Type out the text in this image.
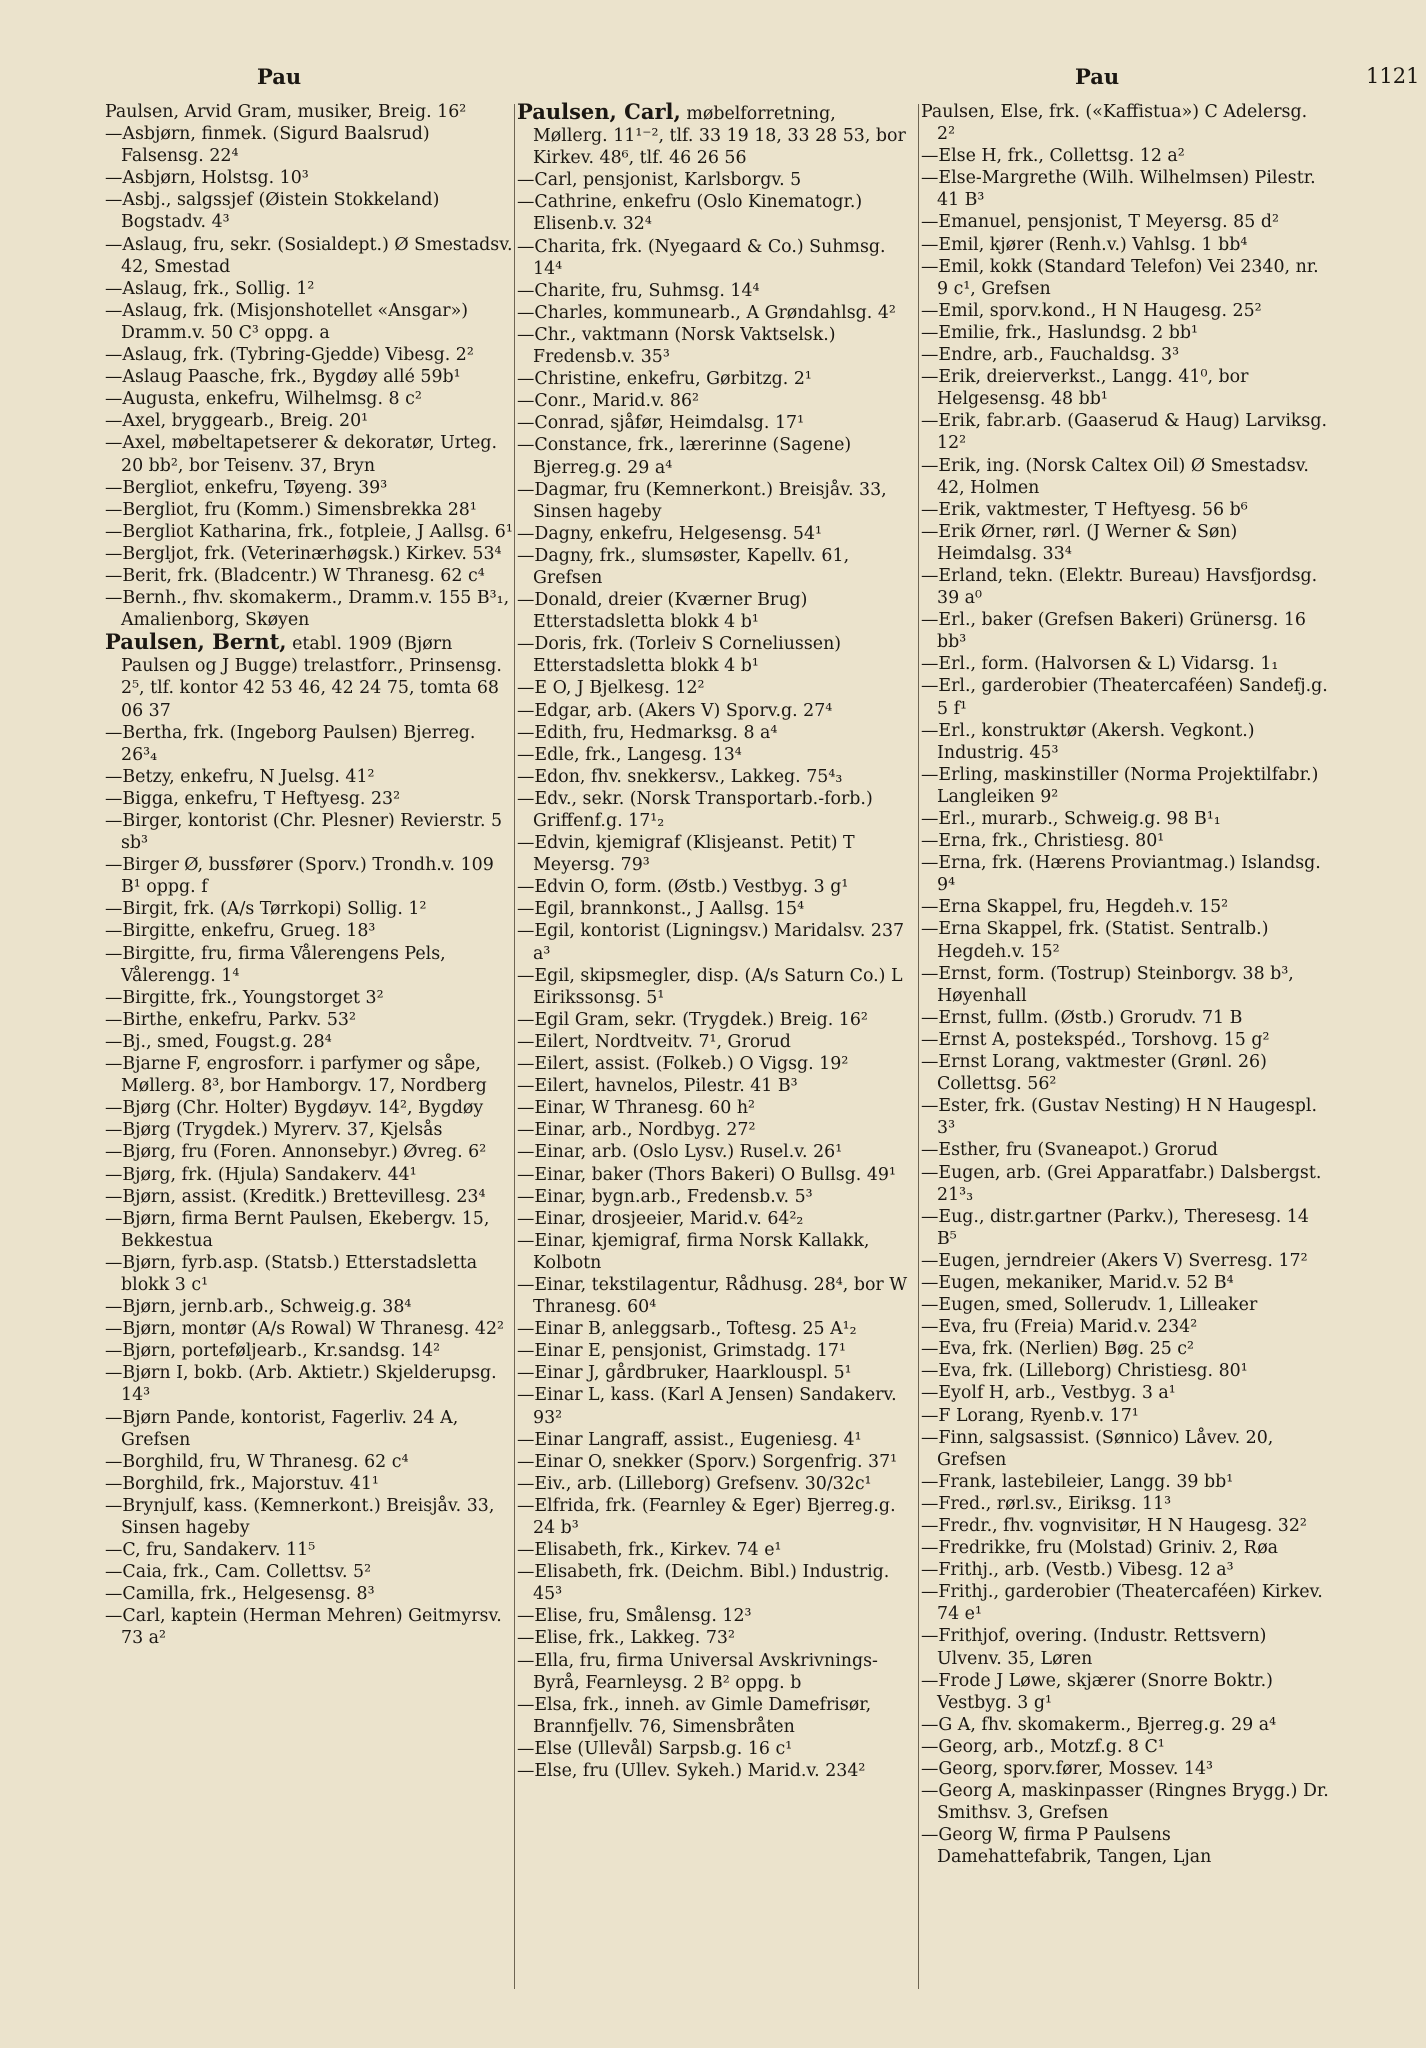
Pau	Pau	1121

Paulsen, Arvid Gram, musiker, Breig. 16²

—Asbjørn, finmek. (Sigurd Baalsrud) Falsensg. 22⁴

—Asbjørn, Holstsg. 10³

—Asbj., salgssjef (Øistein Stokkeland) Bogstadv. 4³

—Aslaug, fru, sekr. (Sosialdept.) Ø Smestadsv. 42, Smestad

—Aslaug, frk., Sollig. 1²

—Aslaug, frk. (Misjonshotellet «Ansgar») Dramm.v. 50 C³ oppg. a

—Aslaug, frk. (Tybring-Gjedde) Vibesg. 2²

—Aslaug Paasche, frk., Bygdøy allé 59b¹

—Augusta, enkefru, Wilhelmsg. 8 c²

—Axel, bryggearb., Breig. 20¹

—Axel, møbeltapetserer & dekoratør, Urteg. 20 bb², bor Teisenv. 37, Bryn

—Bergliot, enkefru, Tøyeng. 39³

—Bergliot, fru (Komm.) Simensbrekka 28¹

—Bergliot Katharina, frk., fotpleie, J Aallsg. 6¹

—Bergljot, frk. (Veterinærhøgsk.) Kirkev. 53⁴

—Berit, frk. (Bladcentr.) W Thranesg. 62 c⁴

—Bernh., fhv. skomakerm., Dramm.v. 155 B³₁, Amalienborg, Skøyen

Paulsen, Bernt, etabl. 1909 (Bjørn Paulsen og J Bugge) trelastforr., Prinsensg. 2⁵, tlf. kontor 42 53 46, 42 24 75, tomta 68 06 37

—Bertha, frk. (Ingeborg Paulsen) Bjerreg. 26³₄

—Betzy, enkefru, N Juelsg. 41²

—Bigga, enkefru, T Heftyesg. 23²

—Birger, kontorist (Chr. Plesner) Revierstr. 5 sb³

—Birger Ø, bussfører (Sporv.) Trondh.v. 109 B¹ oppg. f

—Birgit, frk. (A/s Tørrkopi) Sollig. 1²

—Birgitte, enkefru, Grueg. 18³

—Birgitte, fru, firma Vålerengens Pels, Vålerengg. 1⁴

—Birgitte, frk., Youngstorget 3²

—Birthe, enkefru, Parkv. 53²

—Bj., smed, Fougst.g. 28⁴

—Bjarne F, engrosforr. i parfymer og såpe, Møllerg. 8³, bor Hamborgv. 17, Nordberg

—Bjørg (Chr. Holter) Bygdøyv. 14², Bygdøy

—Bjørg (Trygdek.) Myrerv. 37, Kjelsås

—Bjørg, fru (Foren. Annonsebyr.) Øvreg. 6²

—Bjørg, frk. (Hjula) Sandakerv. 44¹

—Bjørn, assist. (Kreditk.) Brettevillesg. 23⁴

—Bjørn, firma Bernt Paulsen, Ekebergv. 15, Bekkestua

—Bjørn, fyrb.asp. (Statsb.) Etterstadsletta blokk 3 c¹

—Bjørn, jernb.arb., Schweig.g. 38⁴

—Bjørn, montør (A/s Rowal) W Thranesg. 42²

—Bjørn, porteføljearb., Kr.sandsg. 14²

—Bjørn I, bokb. (Arb. Aktietr.) Skjelderupsg. 14³

—Bjørn Pande, kontorist, Fagerliv. 24 A, Grefsen

—Borghild, fru, W Thranesg. 62 c⁴

—Borghild, frk., Majorstuv. 41¹

—Brynjulf, kass. (Kemnerkont.) Breisjåv. 33, Sinsen hageby

—C, fru, Sandakerv. 11⁵

—Caia, frk., Cam. Collettsv. 5²

—Camilla, frk., Helgesensg. 8³

—Carl, kaptein (Herman Mehren) Geitmyrsv. 73 a²

Paulsen, Carl, møbelforretning, Møllerg. 11¹⁻², tlf. 33 19 18, 33 28 53, bor Kirkev. 48⁶, tlf. 46 26 56

—Carl, pensjonist, Karlsborgv. 5

—Cathrine, enkefru (Oslo Kinematogr.) Elisenb.v. 32⁴

—Charita, frk. (Nyegaard & Co.) Suhmsg. 14⁴

—Charite, fru, Suhmsg. 14⁴

—Charles, kommunearb., A Grøndahlsg. 4²

—Chr., vaktmann (Norsk Vaktselsk.) Fredensb.v. 35³

—Christine, enkefru, Gørbitzg. 2¹

—Conr., Marid.v. 86²

—Conrad, sjåfør, Heimdalsg. 17¹

—Constance, frk., lærerinne (Sagene) Bjerreg.g. 29 a⁴

—Dagmar, fru (Kemnerkont.) Breisjåv. 33, Sinsen hageby

—Dagny, enkefru, Helgesensg. 54¹

—Dagny, frk., slumsøster, Kapellv. 61, Grefsen

—Donald, dreier (Kværner Brug) Etterstadsletta blokk 4 b¹

—Doris, frk. (Torleiv S Corneliussen) Etterstadsletta blokk 4 b¹

—E O, J Bjelkesg. 12²

—Edgar, arb. (Akers V) Sporv.g. 27⁴

—Edith, fru, Hedmarksg. 8 a⁴

—Edle, frk., Langesg. 13⁴

—Edon, fhv. snekkersv., Lakkeg. 75⁴₃

—Edv., sekr. (Norsk Transportarb.-forb.) Griffenf.g. 17¹₂

—Edvin, kjemigraf (Klisjeanst. Petit) T Meyersg. 79³

—Edvin O, form. (Østb.) Vestbyg. 3 g¹

—Egil, brannkonst., J Aallsg. 15⁴

—Egil, kontorist (Ligningsv.) Maridalsv. 237 a³

—Egil, skipsmegler, disp. (A/s Saturn Co.) L Eirikssonsg. 5¹

—Egil Gram, sekr. (Trygdek.) Breig. 16²

—Eilert, Nordtveitv. 7¹, Grorud

—Eilert, assist. (Folkeb.) O Vigsg. 19²

—Eilert, havnelos, Pilestr. 41 B³

—Einar, W Thranesg. 60 h²

—Einar, arb., Nordbyg. 27²

—Einar, arb. (Oslo Lysv.) Rusel.v. 26¹

—Einar, baker (Thors Bakeri) O Bullsg. 49¹

—Einar, bygn.arb., Fredensb.v. 5³

—Einar, drosjeeier, Marid.v. 64²₂

—Einar, kjemigraf, firma Norsk Kallakk, Kolbotn

—Einar, tekstilagentur, Rådhusg. 28⁴, bor W Thranesg. 60⁴

—Einar B, anleggsarb., Toftesg. 25 A¹₂

—Einar E, pensjonist, Grimstadg. 17¹

—Einar J, gårdbruker, Haarklouspl. 5¹

—Einar L, kass. (Karl A Jensen) Sandakerv. 93²

—Einar Langraff, assist., Eugeniesg. 4¹

—Einar O, snekker (Sporv.) Sorgenfrig. 37¹

—Eiv., arb. (Lilleborg) Grefsenv. 30/32c¹

—Elfrida, frk. (Fearnley & Eger) Bjerreg.g. 24 b³

—Elisabeth, frk., Kirkev. 74 e¹

—Elisabeth, frk. (Deichm. Bibl.) Industrig. 45³

—Elise, fru, Smålensg. 12³

—Elise, frk., Lakkeg. 73²

—Ella, fru, firma Universal Avskrivnings-Byrå, Fearnleysg. 2 B² oppg. b

—Elsa, frk., inneh. av Gimle Damefrisør, Brannfjellv. 76, Simensbråten

—Else (Ullevål) Sarpsb.g. 16 c¹

—Else, fru (Ullev. Sykeh.) Marid.v. 234²

Paulsen, Else, frk. («Kaffistua») C Adelersg. 2²

—Else H, frk., Collettsg. 12 a²

—Else-Margrethe (Wilh. Wilhelmsen) Pilestr. 41 B³

—Emanuel, pensjonist, T Meyersg. 85 d²

—Emil, kjører (Renh.v.) Vahlsg. 1 bb⁴

—Emil, kokk (Standard Telefon) Vei 2340, nr. 9 c¹, Grefsen

—Emil, sporv.kond., H N Haugesg. 25²

—Emilie, frk., Haslundsg. 2 bb¹

—Endre, arb., Fauchaldsg. 3³

—Erik, dreierverkst., Langg. 41⁰, bor Helgesensg. 48 bb¹

—Erik, fabr.arb. (Gaaserud & Haug) Larviksg. 12²

—Erik, ing. (Norsk Caltex Oil) Ø Smestadsv. 42, Holmen

—Erik, vaktmester, T Heftyesg. 56 b⁶

—Erik Ørner, rørl. (J Werner & Søn) Heimdalsg. 33⁴

—Erland, tekn. (Elektr. Bureau) Havsfjordsg. 39 a⁰

—Erl., baker (Grefsen Bakeri) Grünersg. 16 bb³

—Erl., form. (Halvorsen & L) Vidarsg. 1₁

—Erl., garderobier (Theatercaféen) Sandefj.g. 5 f¹

—Erl., konstruktør (Akersh. Vegkont.) Industrig. 45³

—Erling, maskinstiller (Norma Projektilfabr.) Langleiken 9²

—Erl., murarb., Schweig.g. 98 B¹₁

—Erna, frk., Christiesg. 80¹

—Erna, frk. (Hærens Proviantmag.) Islandsg. 9⁴

—Erna Skappel, fru, Hegdeh.v. 15²

—Erna Skappel, frk. (Statist. Sentralb.) Hegdeh.v. 15²

—Ernst, form. (Tostrup) Steinborgv. 38 b³, Høyenhall

—Ernst, fullm. (Østb.) Grorudv. 71 B

—Ernst A, postekspéd., Torshovg. 15 g²

—Ernst Lorang, vaktmester (Grønl. 26) Collettsg. 56²

—Ester, frk. (Gustav Nesting) H N Haugespl. 3³

—Esther, fru (Svaneapot.) Grorud

—Eugen, arb. (Grei Apparatfabr.) Dalsbergst. 21³₃

—Eug., distr.gartner (Parkv.), Theresesg. 14 B⁵

—Eugen, jerndreier (Akers V) Sverresg. 17²

—Eugen, mekaniker, Marid.v. 52 B⁴

—Eugen, smed, Sollerudv. 1, Lilleaker

—Eva, fru (Freia) Marid.v. 234²

—Eva, frk. (Nerlien) Bøg. 25 c²

—Eva, frk. (Lilleborg) Christiesg. 80¹

—Eyolf H, arb., Vestbyg. 3 a¹

—F Lorang, Ryenb.v. 17¹

—Finn, salgsassist. (Sønnico) Låvev. 20, Grefsen

—Frank, lastebileier, Langg. 39 bb¹

—Fred., rørl.sv., Eiriksg. 11³

—Fredr., fhv. vognvisitør, H N Haugesg. 32²

—Fredrikke, fru (Molstad) Griniv. 2, Røa

—Frithj., arb. (Vestb.) Vibesg. 12 a³

—Frithj., garderobier (Theatercaféen) Kirkev. 74 e¹

—Frithjof, overing. (Industr. Rettsvern) Ulvenv. 35, Løren

—Frode J Løwe, skjærer (Snorre Boktr.) Vestbyg. 3 g¹

—G A, fhv. skomakerm., Bjerreg.g. 29 a⁴

—Georg, arb., Motzf.g. 8 C¹

—Georg, sporv.fører, Mossev. 14³

—Georg A, maskinpasser (Ringnes Brygg.) Dr. Smithsv. 3, Grefsen

—Georg W, firma P Paulsens Damehattefabrik, Tangen, Ljan
